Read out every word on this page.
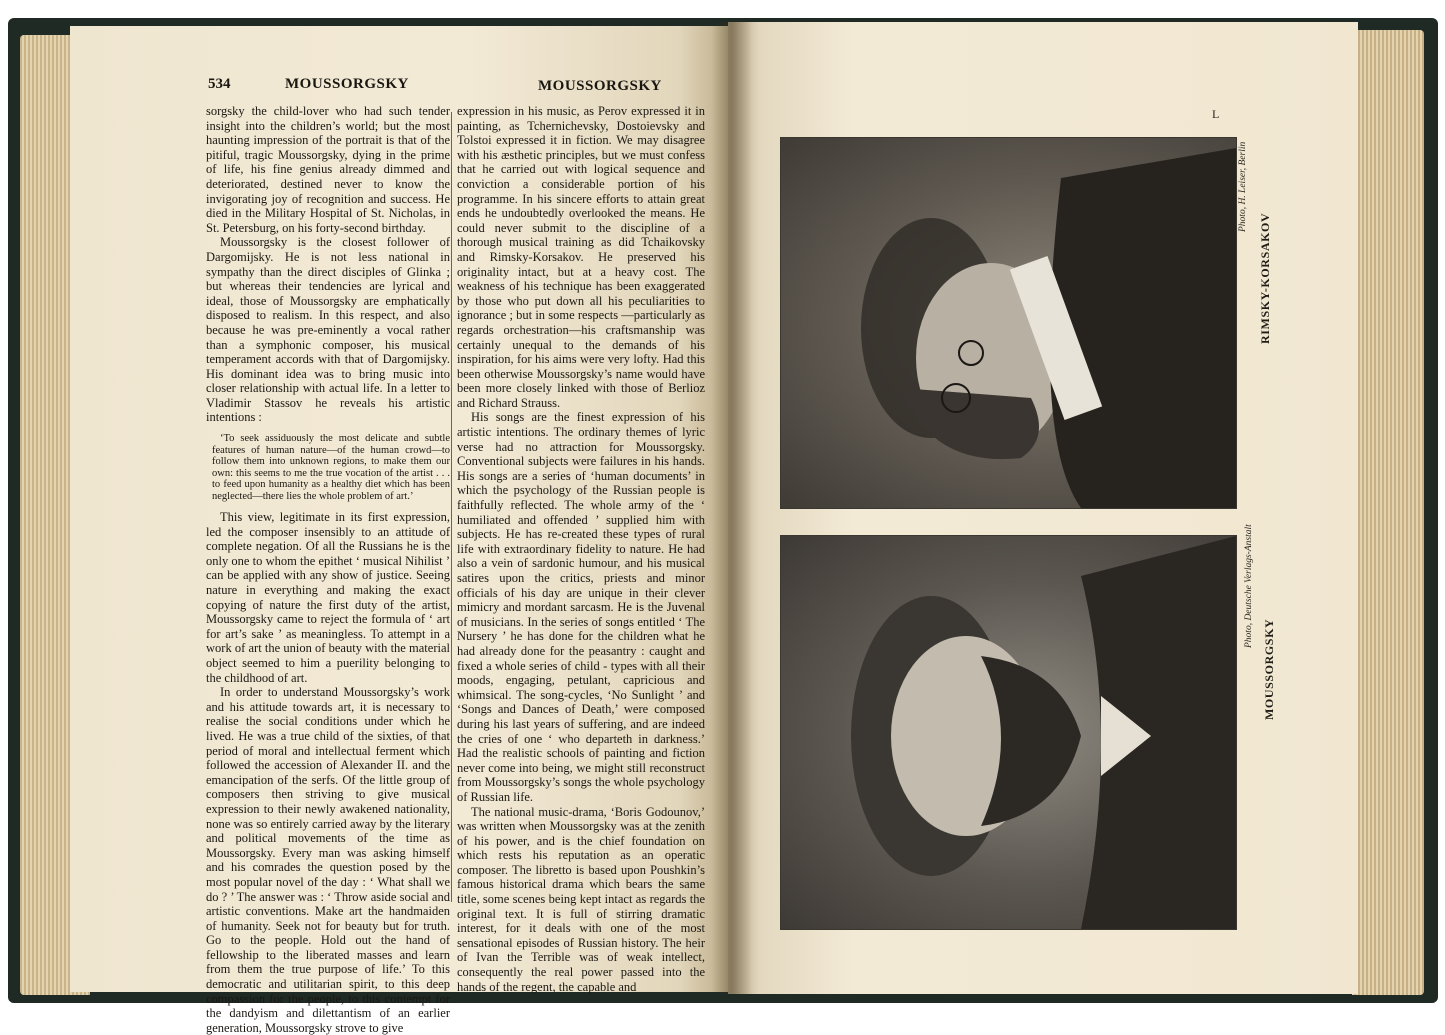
534	MOUSSORGSKY	MOUSSORGSKY

sorgsky the child-lover who had such tender insight into the children’s world; but the most haunting impression of the portrait is that of the pitiful, tragic Moussorgsky, dying in the prime of life, his fine genius already dimmed and deteriorated, destined never to know the invigorating joy of recognition and success. He died in the Military Hospital of St. Nicholas, in St. Petersburg, on his forty-second birthday.

Moussorgsky is the closest follower of Dargomijsky. He is not less national in sympathy than the direct disciples of Glinka ; but whereas their tendencies are lyrical and ideal, those of Moussorgsky are emphatically disposed to realism. In this respect, and also because he was pre-eminently a vocal rather than a symphonic composer, his musical temperament accords with that of Dargomijsky. His dominant idea was to bring music into closer relationship with actual life. In a letter to Vladimir Stassov he reveals his artistic intentions :

‘To seek assiduously the most delicate and subtle features of human nature—of the human crowd—to follow them into unknown regions, to make them our own: this seems to me the true vocation of the artist . . . to feed upon humanity as a healthy diet which has been neglected—there lies the whole problem of art.’

This view, legitimate in its first expression, led the composer insensibly to an attitude of complete negation. Of all the Russians he is the only one to whom the epithet ‘ musical Nihilist ’ can be applied with any show of justice. Seeing nature in everything and making the exact copying of nature the first duty of the artist, Moussorgsky came to reject the formula of ‘ art for art’s sake ’ as meaningless. To attempt in a work of art the union of beauty with the material object seemed to him a puerility belonging to the childhood of art.

In order to understand Moussorgsky’s work and his attitude towards art, it is necessary to realise the social conditions under which he lived. He was a true child of the sixties, of that period of moral and intellectual ferment which followed the accession of Alexander II. and the emancipation of the serfs. Of the little group of composers then striving to give musical expression to their newly awakened nationality, none was so entirely carried away by the literary and political movements of the time as Moussorgsky. Every man was asking himself and his comrades the question posed by the most popular novel of the day : ‘ What shall we do ? ’ The answer was : ‘ Throw aside social and artistic conventions. Make art the handmaiden of humanity. Seek not for beauty but for truth. Go to the people. Hold out the hand of fellowship to the liberated masses and learn from them the true purpose of life.’ To this democratic and utilitarian spirit, to this deep compassion for the people, to this contempt for the dandyism and dilettantism of an earlier generation, Moussorgsky strove to give

expression in his music, as Perov expressed it in painting, as Tchernichevsky, Dostoievsky and Tolstoi expressed it in fiction. We may disagree with his æsthetic principles, but we must confess that he carried out with logical sequence and conviction a considerable portion of his programme. In his sincere efforts to attain great ends he undoubtedly overlooked the means. He could never submit to the discipline of a thorough musical training as did Tchaikovsky and Rimsky-Korsakov. He preserved his originality intact, but at a heavy cost. The weakness of his technique has been exaggerated by those who put down all his peculiarities to ignorance ; but in some respects —particularly as regards orchestration—his craftsmanship was certainly unequal to the demands of his inspiration, for his aims were very lofty. Had this been otherwise Moussorgsky’s name would have been more closely linked with those of Berlioz and Richard Strauss.

His songs are the finest expression of his artistic intentions. The ordinary themes of lyric verse had no attraction for Moussorgsky. Conventional subjects were failures in his hands. His songs are a series of ‘human documents’ in which the psychology of the Russian people is faithfully reflected. The whole army of the ‘ humiliated and offended ’ supplied him with subjects. He has re-created these types of rural life with extraordinary fidelity to nature. He had also a vein of sardonic humour, and his musical satires upon the critics, priests and minor officials of his day are unique in their clever mimicry and mordant sarcasm. He is the Juvenal of musicians. In the series of songs entitled ‘ The Nursery ’ he has done for the children what he had already done for the peasantry : caught and fixed a whole series of child - types with all their moods, engaging, petulant, capricious and whimsical. The song-cycles, ‘No Sunlight ’ and ‘Songs and Dances of Death,’ were composed during his last years of suffering, and are indeed the cries of one ‘ who departeth in darkness.’ Had the realistic schools of painting and fiction never come into being, we might still reconstruct from Moussorgsky’s songs the whole psychology of Russian life.

The national music-drama, ‘Boris Godounov,’ was written when Moussorgsky was at the zenith of his power, and is the chief foundation on which rests his reputation as an operatic composer. The libretto is based upon Poushkin’s famous historical drama which bears the same title, some scenes being kept intact as regards the original text. It is full of stirring dramatic interest, for it deals with one of the most sensational episodes of Russian history. The heir of Ivan the Terrible was of weak intellect, consequently the real power passed into the hands of the regent, the capable and

L
RIMSKY-KORSAKOV
Photo, H. Leiser, Berlin
MOUSSORGSKY
Photo, Deutsche Verlags-Anstalt
